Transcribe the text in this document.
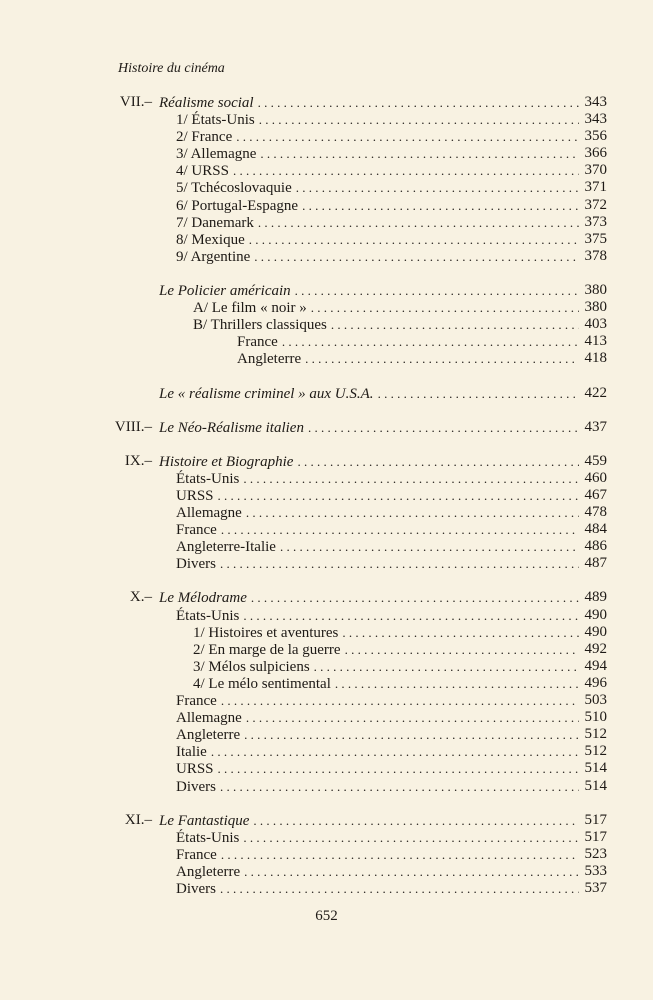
Histoire du cinéma
VII.– Réalisme social . . .	343
1/ États-Unis . . .	343
2/ France . . .	356
3/ Allemagne . . .	366
4/ URSS . . .	370
5/ Tchécoslovaquie . . .	371
6/ Portugal-Espagne . . .	372
7/ Danemark . . .	373
8/ Mexique . . .	375
9/ Argentine . . .	378
Le Policier américain . . .	380
A/ Le film « noir » . . .	380
B/ Thrillers classiques . . .	403
France . . .	413
Angleterre . . .	418
Le « réalisme criminel » aux U.S.A. . . .	422
VIII.– Le Néo-Réalisme italien . . .	437
IX.– Histoire et Biographie . . .	459
États-Unis . . .	460
URSS . . .	467
Allemagne . . .	478
France . . .	484
Angleterre-Italie . . .	486
Divers . . .	487
X.– Le Mélodrame . . .	489
États-Unis . . .	490
1/ Histoires et aventures . . .	490
2/ En marge de la guerre . . .	492
3/ Mélos sulpiciens . . .	494
4/ Le mélo sentimental . . .	496
France . . .	503
Allemagne . . .	510
Angleterre . . .	512
Italie . . .	512
URSS . . .	514
Divers . . .	514
XI.– Le Fantastique . . .	517
États-Unis . . .	517
France . . .	523
Angleterre . . .	533
Divers . . .	537
652
